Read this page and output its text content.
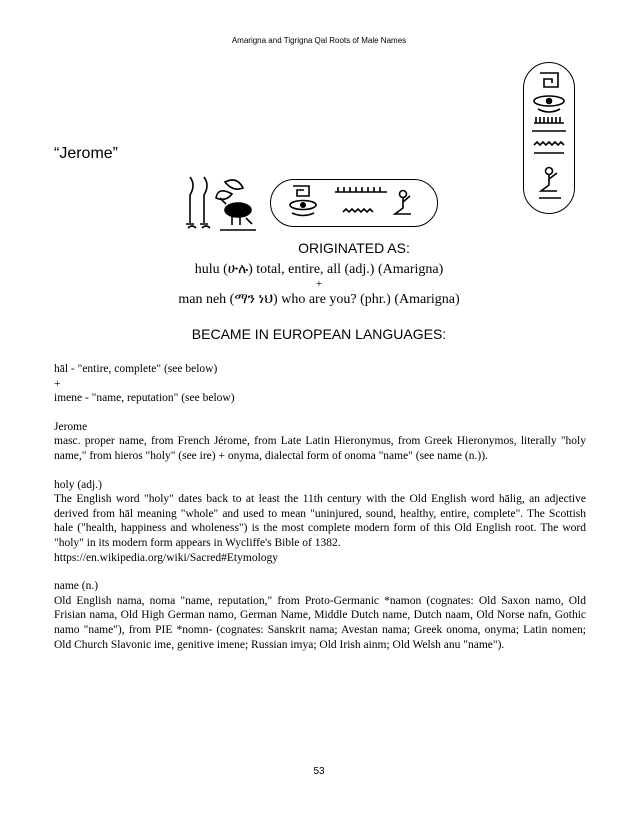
Amarigna and Tigrigna Qal Roots of Male Names
“Jerome”
ORIGINATED AS:
hulu (ሁሉ) total, entire, all (adj.) (Amarigna)
+
man neh (ማን ነህ) who are you? (phr.) (Amarigna)
BECAME IN EUROPEAN LANGUAGES:

hāl - "entire, complete" (see below)

+

imene - "name, reputation" (see below)

Jerome

masc. proper name, from French Jérome, from Late Latin Hieronymus, from Greek Hieronymos, literally "holy name," from hieros "holy" (see ire) + onyma, dialectal form of onoma "name" (see name (n.)).

holy (adj.)

The English word "holy" dates back to at least the 11th century with the Old English word hālig, an adjective derived from hāl meaning "whole" and used to mean "uninjured, sound, healthy, entire, complete". The Scottish hale ("health, happiness and wholeness") is the most complete modern form of this Old English root. The word "holy" in its modern form appears in Wycliffe's Bible of 1382.

https://en.wikipedia.org/wiki/Sacred#Etymology

name (n.)

Old English nama, noma "name, reputation," from Proto-Germanic *namon (cognates: Old Saxon namo, Old Frisian nama, Old High German namo, German Name, Middle Dutch name, Dutch naam, Old Norse nafn, Gothic namo "name"), from PIE *nomn- (cognates: Sanskrit nama; Avestan nama; Greek onoma, onyma; Latin nomen; Old Church Slavonic ime, genitive imene; Russian imya; Old Irish ainm; Old Welsh anu "name").

53
